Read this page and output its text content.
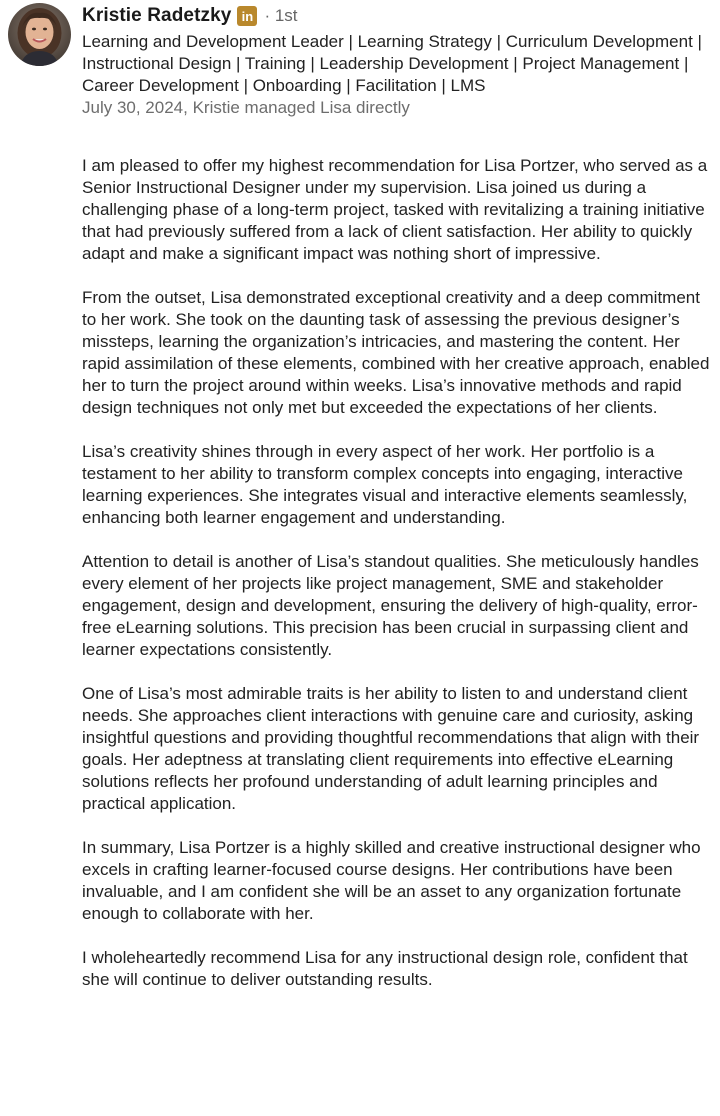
Kristie Radetzky in · 1st
Learning and Development Leader | Learning Strategy | Curriculum Development | Instructional Design | Training | Leadership Development | Project Management | Career Development | Onboarding | Facilitation | LMS
July 30, 2024, Kristie managed Lisa directly

I am pleased to offer my highest recommendation for Lisa Portzer, who served as a Senior Instructional Designer under my supervision. Lisa joined us during a challenging phase of a long-term project, tasked with revitalizing a training initiative that had previously suffered from a lack of client satisfaction. Her ability to quickly adapt and make a significant impact was nothing short of impressive.

From the outset, Lisa demonstrated exceptional creativity and a deep commitment to her work. She took on the daunting task of assessing the previous designer’s missteps, learning the organization’s intricacies, and mastering the content. Her rapid assimilation of these elements, combined with her creative approach, enabled her to turn the project around within weeks. Lisa’s innovative methods and rapid design techniques not only met but exceeded the expectations of her clients.

Lisa’s creativity shines through in every aspect of her work. Her portfolio is a testament to her ability to transform complex concepts into engaging, interactive learning experiences. She integrates visual and interactive elements seamlessly, enhancing both learner engagement and understanding.

Attention to detail is another of Lisa’s standout qualities. She meticulously handles every element of her projects like project management, SME and stakeholder engagement, design and development, ensuring the delivery of high-quality, error-free eLearning solutions. This precision has been crucial in surpassing client and learner expectations consistently.

One of Lisa’s most admirable traits is her ability to listen to and understand client needs. She approaches client interactions with genuine care and curiosity, asking insightful questions and providing thoughtful recommendations that align with their goals. Her adeptness at translating client requirements into effective eLearning solutions reflects her profound understanding of adult learning principles and practical application.

In summary, Lisa Portzer is a highly skilled and creative instructional designer who excels in crafting learner-focused course designs. Her contributions have been invaluable, and I am confident she will be an asset to any organization fortunate enough to collaborate with her.

I wholeheartedly recommend Lisa for any instructional design role, confident that she will continue to deliver outstanding results.
